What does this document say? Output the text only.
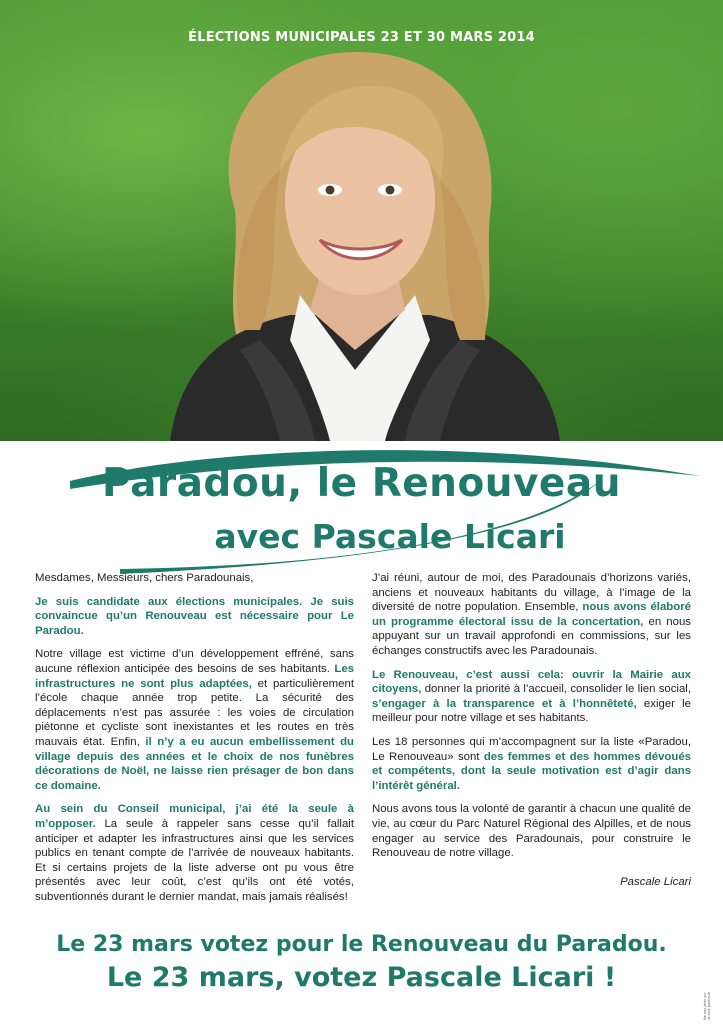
ÉLECTIONS MUNICIPALES 23 ET 30 MARS 2014
Paradou, le Renouveau
avec Pascale Licari

Mesdames, Messieurs, chers Paradounais,

Je suis candidate aux élections municipales. Je suis convaincue qu’un Renouveau est nécessaire pour Le Paradou.

Notre village est victime d’un développement effréné, sans aucune réflexion anticipée des besoins de ses habitants. Les infrastructures ne sont plus adaptées, et particulièrement l’école chaque année trop petite. La sécurité des déplacements n’est pas assurée : les voies de circulation piétonne et cycliste sont inexistantes et les routes en très mauvais état. Enfin, il n’y a eu aucun embellissement du village depuis des années et le choix de nos funèbres décorations de Noël, ne laisse rien présager de bon dans ce domaine.

Au sein du Conseil municipal, j’ai été la seule à m’opposer. La seule à rappeler sans cesse qu’il fallait anticiper et adapter les infrastructures ainsi que les services publics en tenant compte de l’arrivée de nouveaux habitants. Et si certains projets de la liste adverse ont pu vous être présentés avec leur coût, c’est qu’ils ont été votés, subventionnés durant le dernier mandat, mais jamais réalisés!

J’ai réuni, autour de moi, des Paradounais d’horizons variés, anciens et nouveaux habitants du village, à l’image de la diversité de notre population. Ensemble, nous avons élaboré un programme électoral issu de la concertation, en nous appuyant sur un travail approfondi en commissions, sur les échanges constructifs avec les Paradounais.

Le Renouveau, c’est aussi cela: ouvrir la Mairie aux citoyens, donner la priorité à l’accueil, consolider le lien social, s’engager à la transparence et à l’honnêteté, exiger le meilleur pour notre village et ses habitants.

Les 18 personnes qui m’accompagnent sur la liste «Paradou, Le Renouveau» sont des femmes et des hommes dévoués et compétents, dont la seule motivation est d’agir dans l’intérêt général.

Nous avons tous la volonté de garantir à chacun une qualité de vie, au cœur du Parc Naturel Régional des Alpilles, et de nous engager au service des Paradounais, pour construire le Renouveau de notre village.

Pascale Licari
Le 23 mars votez pour le Renouveau du Paradou.
Le 23 mars, votez Pascale Licari !
Ne pas jeter sur la voie publique
